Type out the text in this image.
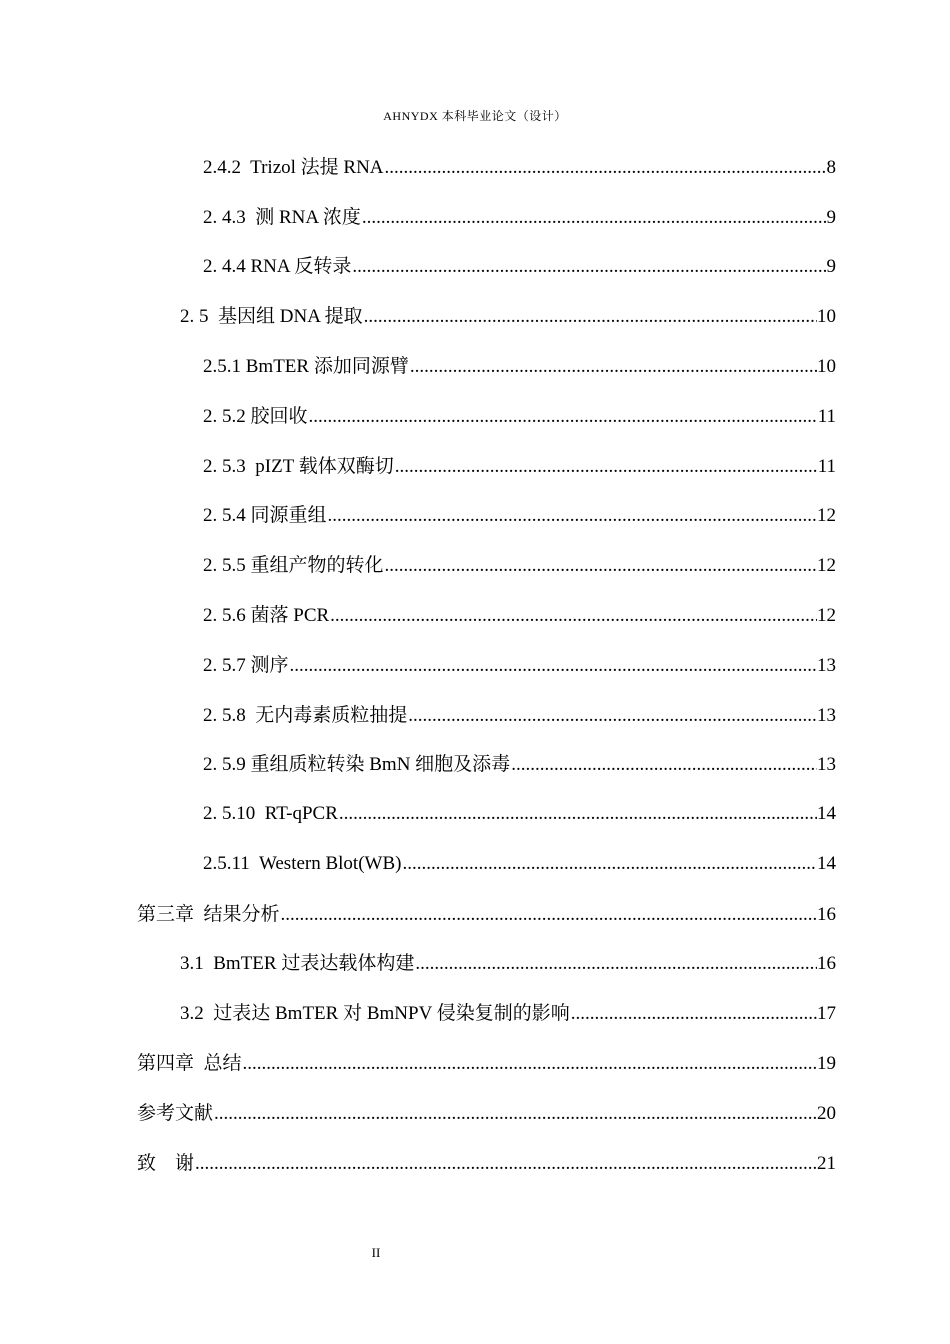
AHNYDX 本科毕业论文（设计）
2.4.2  Trizol 法提 RNA .....	8
2. 4.3  测 RNA 浓度 .....	9
2. 4.4 RNA 反转录 .....	9
2. 5  基因组 DNA 提取 .....	10
2.5.1 BmTER 添加同源臂 .....	10
2. 5.2 胶回收 .....	11
2. 5.3  pIZT 载体双酶切 .....	11
2. 5.4 同源重组 .....	12
2. 5.5 重组产物的转化 .....	12
2. 5.6 菌落 PCR .....	12
2. 5.7 测序 .....	13
2. 5.8  无内毒素质粒抽提 .....	13
2. 5.9 重组质粒转染 BmN 细胞及添毒 .....	13
2. 5.10  RT-qPCR .....	14
2.5.11  Western Blot(WB) .....	14
第三章  结果分析 .....	16
3.1  BmTER 过表达载体构建 .....	16
3.2  过表达 BmTER 对 BmNPV 侵染复制的影响 .....	17
第四章  总结 .....	19
参考文献 .....	20
致    谢 .....	21
II
